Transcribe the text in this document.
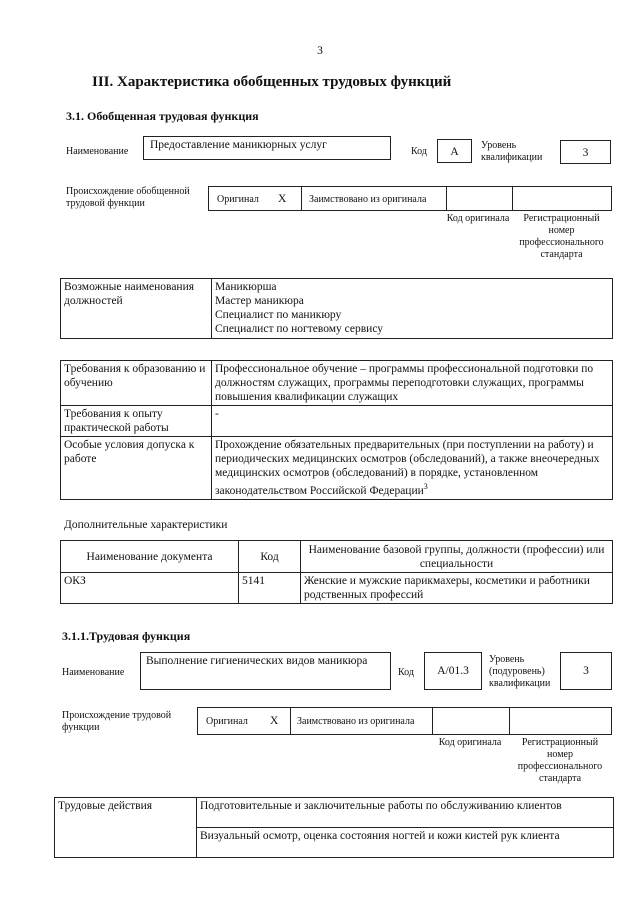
3
III. Характеристика обобщенных трудовых функций
3.1. Обобщенная трудовая функция
Наименование
Предоставление маникюрных услуг
Код	А
Уровень
квалификации	3
Происхождение обобщенной трудовой функции	Оригинал X Заимствовано из оригинала
Код оригинала	Регистрационный номер профессионального стандарта
Возможные наименования должностей	
Маникюрша
Мастер маникюра
Специалист по маникюру
Специалист по ногтевому сервису
Требования к образованию и обучению	Профессиональное обучение – программы профессиональной подготовки по должностям служащих, программы переподготовки служащих, программы повышения квалификации служащих
Требования к опыту практической работы	-
Особые условия допуска к работе	Прохождение обязательных предварительных (при поступлении на работу) и периодических медицинских осмотров (обследований), а также внеочередных медицинских осмотров (обследований) в порядке, установленном законодательством Российской Федерации$^3$
Дополнительные характеристики
Наименование документа	Код	Наименование базовой группы, должности (профессии) или специальности
ОКЗ	5141	Женские и мужские парикмахеры, косметики и работники родственных профессий
3.1.1.Трудовая функция
Наименование
Выполнение гигиенических видов маникюра
Код	А/01.3
Уровень
(подуровень)
квалификации
3
Происхождение трудовой функции
Оригинал X Заимствовано из оригинала
Код оригинала	Регистрационный номер профессионального стандарта
Трудовые действия	Подготовительные и заключительные работы по обслуживанию клиентов
Визуальный осмотр, оценка состояния ногтей и кожи кистей рук клиента
